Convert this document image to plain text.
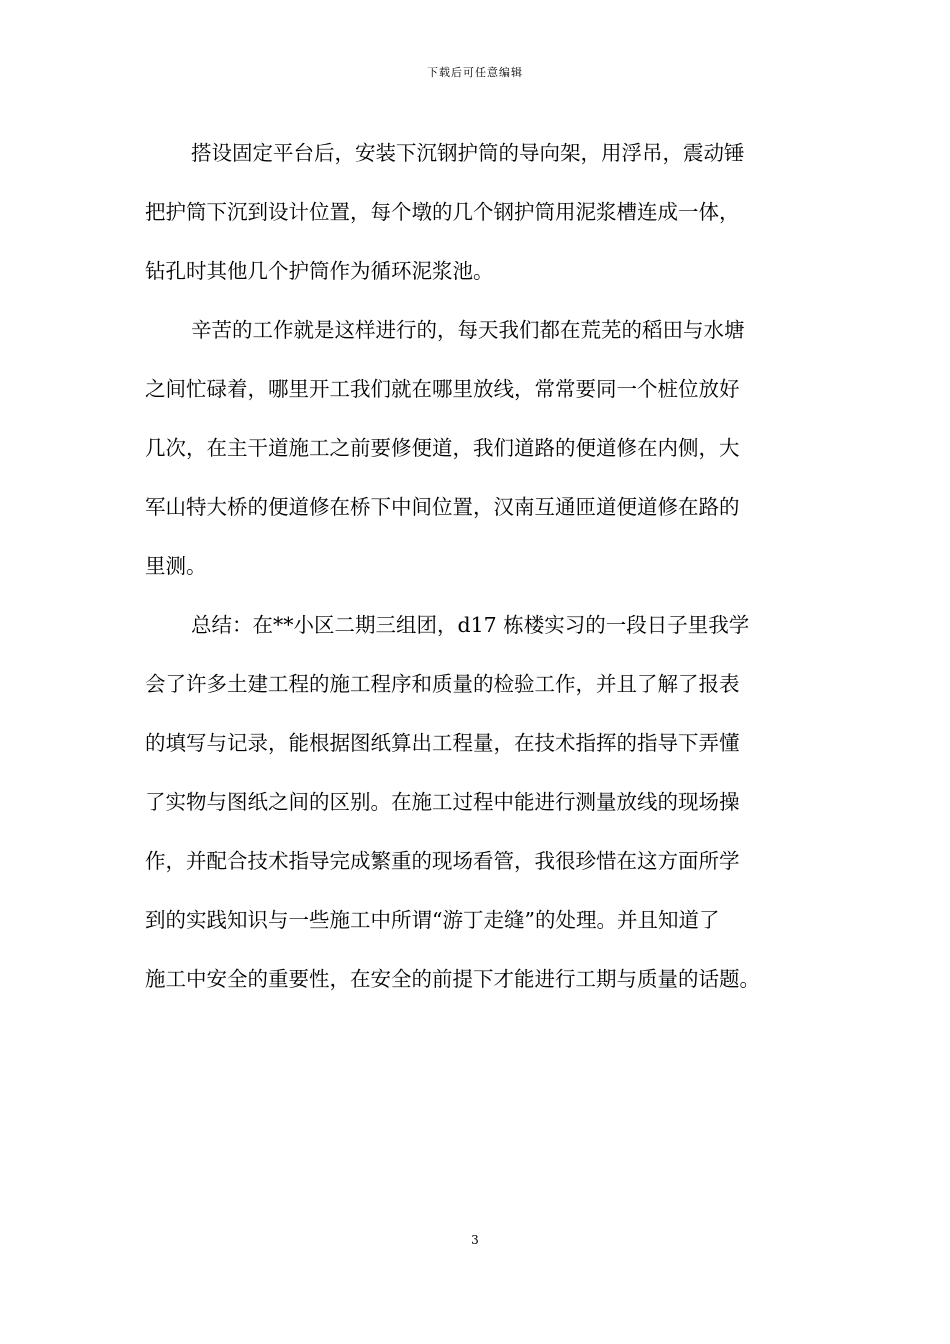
下载后可任意编辑
搭设固定平台后，安装下沉钢护筒的导向架，用浮吊，震动锤
把护筒下沉到设计位置，每个墩的几个钢护筒用泥浆槽连成一体，
钻孔时其他几个护筒作为循环泥浆池。
辛苦的工作就是这样进行的，每天我们都在荒芜的稻田与水塘
之间忙碌着，哪里开工我们就在哪里放线，常常要同一个桩位放好
几次，在主干道施工之前要修便道，我们道路的便道修在内侧，大
军山特大桥的便道修在桥下中间位置，汉南互通匝道便道修在路的
里测。
总结：在**小区二期三组团，d17 栋楼实习的一段日子里我学
会了许多土建工程的施工程序和质量的检验工作，并且了解了报表
的填写与记录，能根据图纸算出工程量，在技术指挥的指导下弄懂
了实物与图纸之间的区别。在施工过程中能进行测量放线的现场操
作，并配合技术指导完成繁重的现场看管，我很珍惜在这方面所学
到的实践知识与一些施工中所谓“游丁走缝”的处理。并且知道了
施工中安全的重要性，在安全的前提下才能进行工期与质量的话题。
3
